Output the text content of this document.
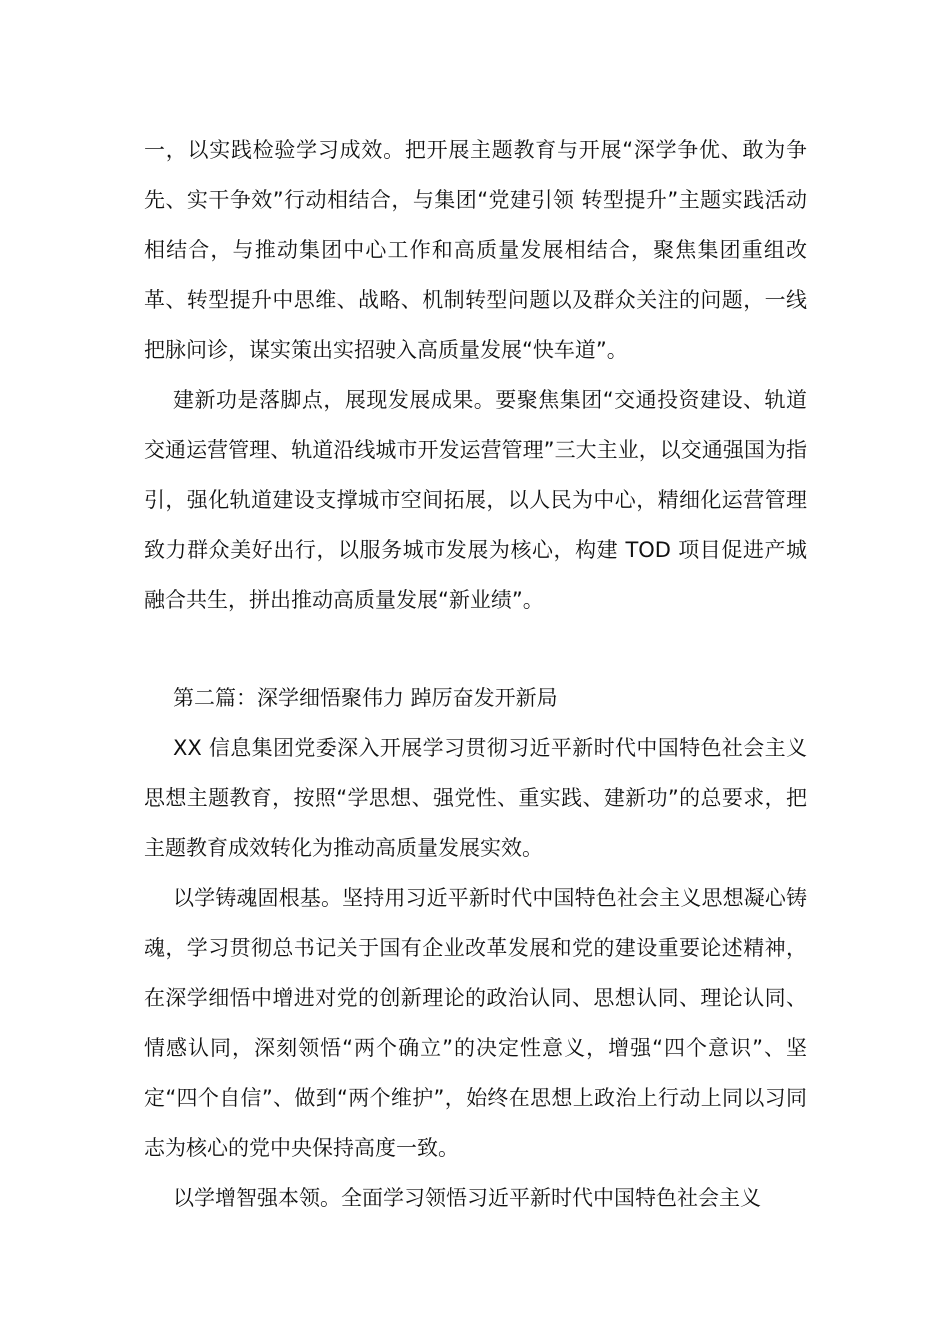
一，以实践检验学习成效。把开展主题教育与开展“深学争优、敢为争先、实干争效”行动相结合，与集团“党建引领 转型提升”主题实践活动相结合，与推动集团中心工作和高质量发展相结合，聚焦集团重组改革、转型提升中思维、战略、机制转型问题以及群众关注的问题，一线把脉问诊，谋实策出实招驶入高质量发展“快车道”。

建新功是落脚点，展现发展成果。要聚焦集团“交通投资建设、轨道交通运营管理、轨道沿线城市开发运营管理”三大主业，以交通强国为指引，强化轨道建设支撑城市空间拓展，以人民为中心，精细化运营管理致力群众美好出行，以服务城市发展为核心，构建 TOD 项目促进产城融合共生，拼出推动高质量发展“新业绩”。

第二篇：深学细悟聚伟力 踔厉奋发开新局

XX 信息集团党委深入开展学习贯彻习近平新时代中国特色社会主义思想主题教育，按照“学思想、强党性、重实践、建新功”的总要求，把主题教育成效转化为推动高质量发展实效。

以学铸魂固根基。坚持用习近平新时代中国特色社会主义思想凝心铸魂，学习贯彻总书记关于国有企业改革发展和党的建设重要论述精神，在深学细悟中增进对党的创新理论的政治认同、思想认同、理论认同、情感认同，深刻领悟“两个确立”的决定性意义，增强“四个意识”、坚定“四个自信”、做到“两个维护”，始终在思想上政治上行动上同以习同志为核心的党中央保持高度一致。

以学增智强本领。全面学习领悟习近平新时代中国特色社会主义
